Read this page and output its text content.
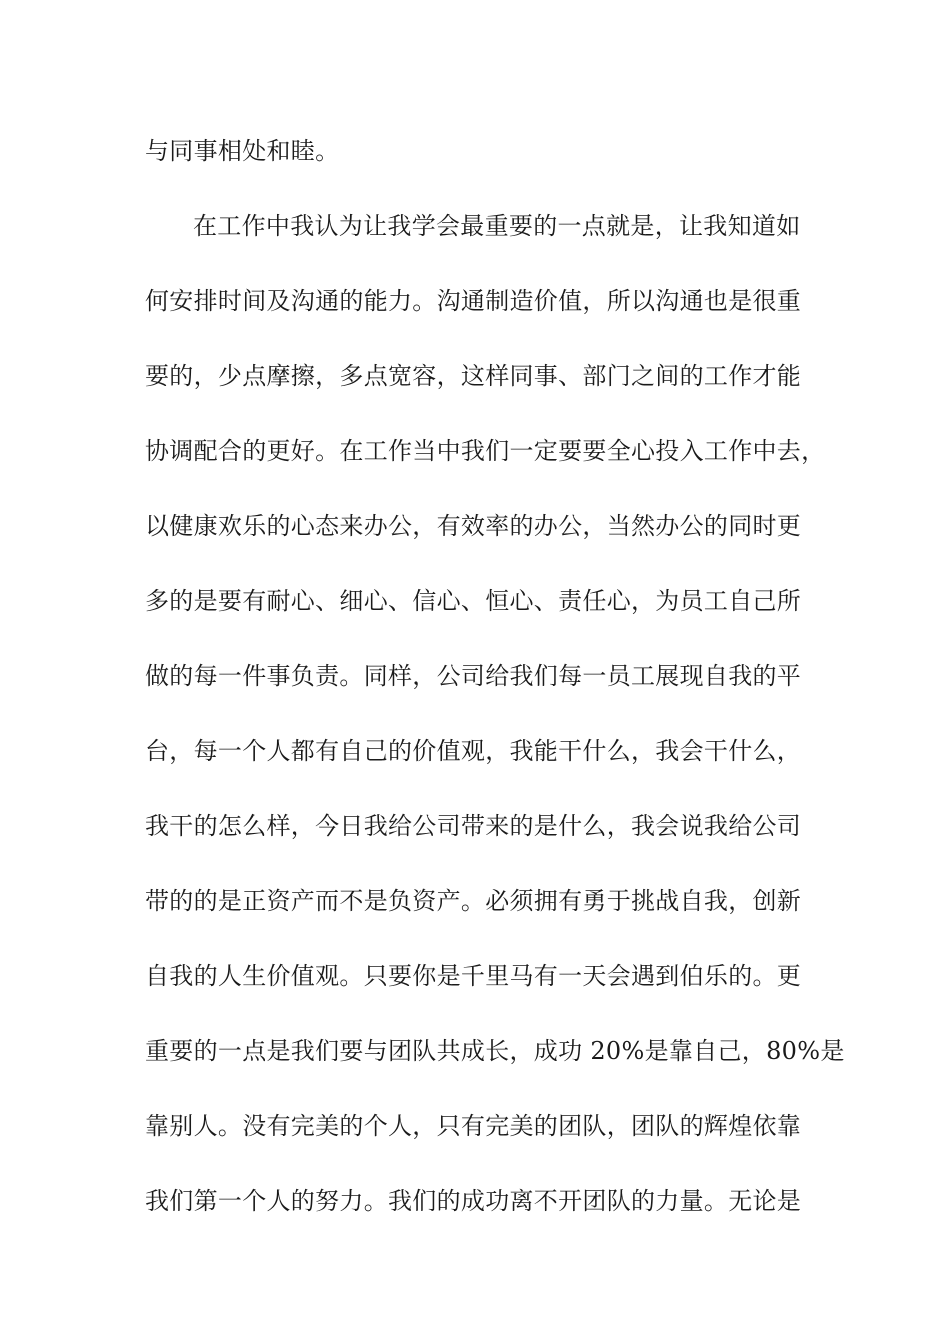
与同事相处和睦。
在工作中我认为让我学会最重要的一点就是，让我知道如
何安排时间及沟通的能力。沟通制造价值，所以沟通也是很重
要的，少点摩擦，多点宽容，这样同事、部门之间的工作才能
协调配合的更好。在工作当中我们一定要要全心投入工作中去，
以健康欢乐的心态来办公，有效率的办公，当然办公的同时更
多的是要有耐心、细心、信心、恒心、责任心，为员工自己所
做的每一件事负责。同样，公司给我们每一员工展现自我的平
台，每一个人都有自己的价值观，我能干什么，我会干什么，
我干的怎么样，今日我给公司带来的是什么，我会说我给公司
带的的是正资产而不是负资产。必须拥有勇于挑战自我，创新
自我的人生价值观。只要你是千里马有一天会遇到伯乐的。更
重要的一点是我们要与团队共成长，成功 20%是靠自己，80%是
靠别人。没有完美的个人，只有完美的团队，团队的辉煌依靠
我们第一个人的努力。我们的成功离不开团队的力量。无论是
